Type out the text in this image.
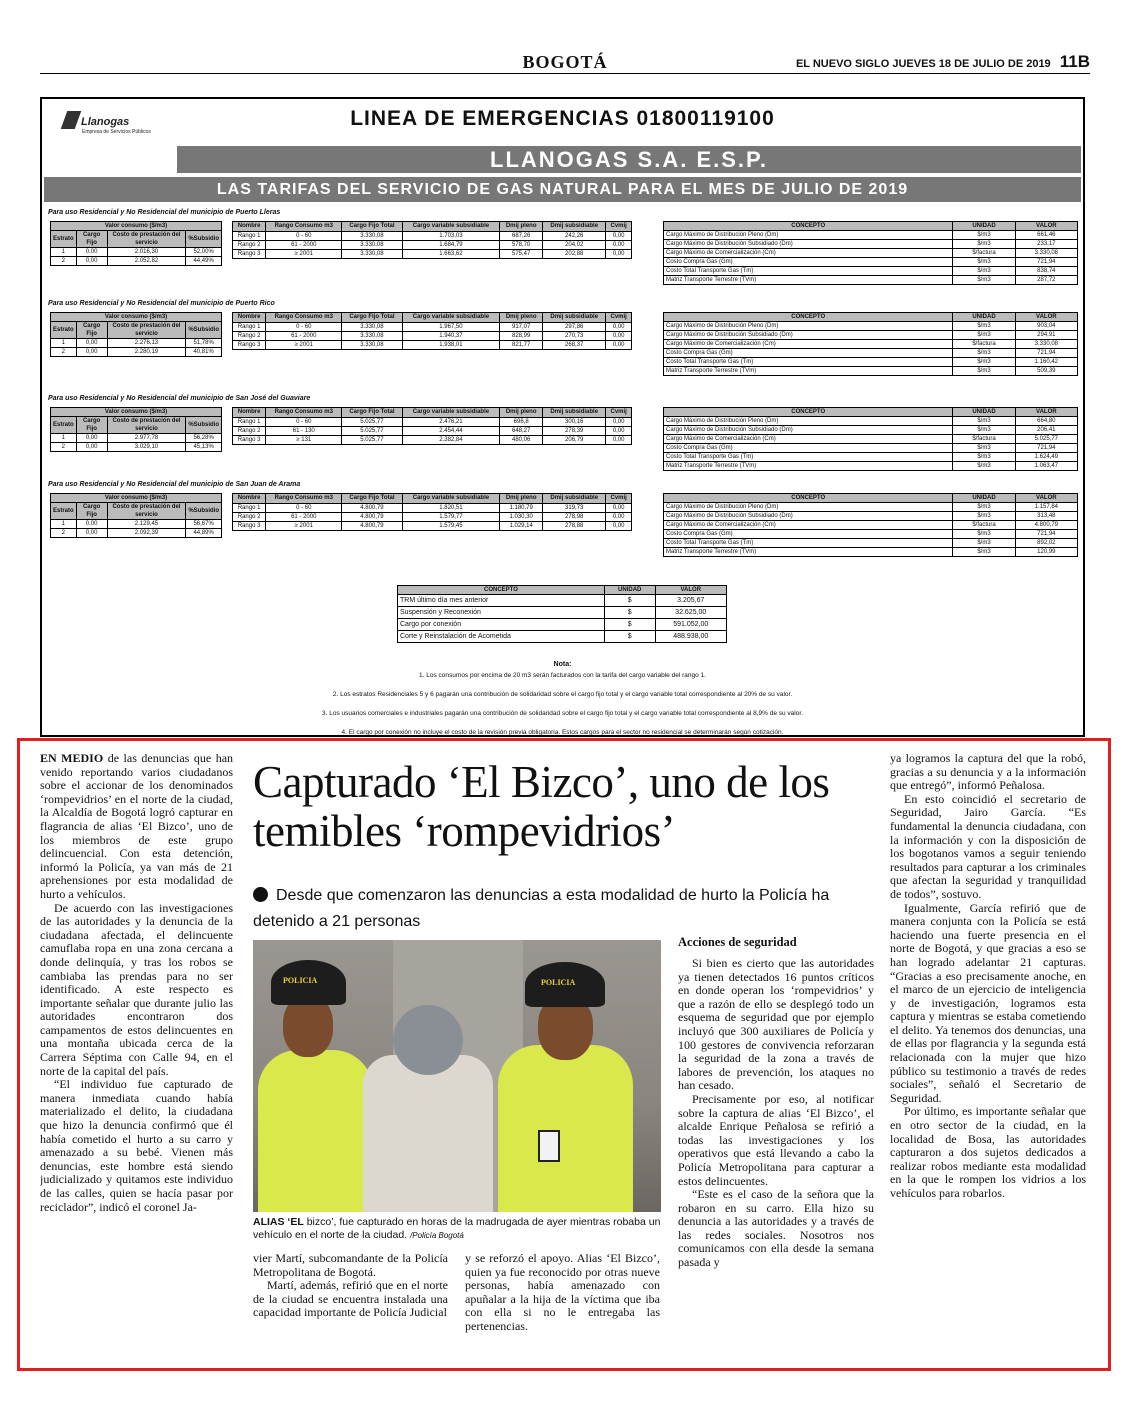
BOGOTÁ	EL NUEVO SIGLO JUEVES 18 DE JULIO DE 2019 11B
Llanogas
Empresa de Servicios Públicos
LINEA DE EMERGENCIAS 01800119100
LLANOGAS S.A. E.S.P.
LAS TARIFAS DEL SERVICIO DE GAS NATURAL PARA EL MES DE JULIO DE 2019
Para uso Residencial y No Residencial del municipio de Puerto Lleras
Valor consumo ($/m3)			
Estrato	Cargo Fijo	Costo de prestación del servicio	%Subsidio
1	0,00	2.016,30	52,00%
2	0,00	2.052,82	44,49%
Nombre	Rango Consumo m3	Cargo Fijo Total	Cargo variable subsidiable	Dmij pleno	Dmij subsidiable	Cvmij
Rango 1	0 - 60	3.330,08	1.703,03	687,26	242,26	0,00
Rango 2	61 - 2000	3.330,08	1.684,79	578,70	204,02	0,00
Rango 3	≥ 2001	3.330,08	1.663,62	575,47	202,88	0,00
CONCEPTO	UNIDAD	VALOR
Cargo Máximo de Distribución Pleno (Dm)	$/m3	661,46
Cargo Máximo de Distribución Subsidiado (Dm)	$/m3	233,17
Cargo Máximo de Comercialización (Cm)	$/factura	3.330,08
Costo Compra Gas (Gm)	$/m3	721,94
Costo Total Transporte Gas (Tm)	$/m3	838,74
Matriz Transporte Terrestre (TVm)	$/m3	287,72
Para uso Residencial y No Residencial del municipio de Puerto Rico
Valor consumo ($/m3)			
Estrato	Cargo Fijo	Costo de prestación del servicio	%Subsidio
1	0,00	2.276,13	51,78%
2	0,00	2.280,19	40,81%
Nombre	Rango Consumo m3	Cargo Fijo Total	Cargo variable subsidiable	Dmij pleno	Dmij subsidiable	Cvmij
Rango 1	0 - 60	3.330,08	1.967,50	917,07	297,86	0,00
Rango 2	61 - 2000	3.330,08	1.940,37	828,99	270,73	0,00
Rango 3	≥ 2001	3.330,08	1.938,01	821,77	268,37	0,00
CONCEPTO	UNIDAD	VALOR
Cargo Máximo de Distribución Pleno (Dm)	$/m3	903,04
Cargo Máximo de Distribución Subsidiado (Dm)	$/m3	294,91
Cargo Máximo de Comercialización (Cm)	$/factura	3.330,08
Costo Compra Gas (Gm)	$/m3	721,94
Costo Total Transporte Gas (Tm)	$/m3	1.160,42
Matriz Transporte Terrestre (TVm)	$/m3	509,39
Para uso Residencial y No Residencial del municipio de San José del Guaviare
Valor consumo ($/m3)			
Estrato	Cargo Fijo	Costo de prestación del servicio	%Subsidio
1	0,00	2.977,78	56,28%
2	0,00	3.029,10	45,13%
Nombre	Rango Consumo m3	Cargo Fijo Total	Cargo variable subsidiable	Dmij pleno	Dmij subsidiable	Cvmij
Rango 1	0 - 60	5.025,77	2.476,21	696,8	300,16	0,00
Rango 2	61 - 130	5.025,77	2.454,44	648,27	278,39	0,00
Rango 3	≥ 131	5.025,77	2.382,84	480,06	206,79	0,00
CONCEPTO	UNIDAD	VALOR
Cargo Máximo de Distribución Pleno (Dm)	$/m3	664,80
Cargo Máximo de Distribución Subsidiado (Dm)	$/m3	206,41
Cargo Máximo de Comercialización (Cm)	$/factura	5.025,77
Costo Compra Gas (Gm)	$/m3	721,94
Costo Total Transporte Gas (Tm)	$/m3	1.624,49
Matriz Transporte Terrestre (TVm)	$/m3	1.063,47
Para uso Residencial y No Residencial del municipio de San Juan de Arama
Valor consumo ($/m3)			
Estrato	Cargo Fijo	Costo de prestación del servicio	%Subsidio
1	0,00	2.129,45	56,67%
2	0,00	2.092,39	44,89%
Nombre	Rango Consumo m3	Cargo Fijo Total	Cargo variable subsidiable	Dmij pleno	Dmij subsidiable	Cvmij
Rango 1	0 - 60	4.800,79	1.820,51	1.180,79	319,73	0,00
Rango 2	61 - 2000	4.800,79	1.579,77	1.030,30	278,98	0,00
Rango 3	≥ 2001	4.800,79	1.579,45	1.029,14	278,88	0,00
CONCEPTO	UNIDAD	VALOR
Cargo Máximo de Distribución Pleno (Dm)	$/m3	1.157,84
Cargo Máximo de Distribución Subsidiado (Dm)	$/m3	313,48
Cargo Máximo de Comercialización (Cm)	$/factura	4.800,79
Costo Compra Gas (Gm)	$/m3	721,94
Costo Total Transporte Gas (Tm)	$/m3	892,02
Matriz Transporte Terrestre (TVm)	$/m3	120,99
CONCEPTO	UNIDAD	VALOR
TRM último día mes anterior	$	3.205,67
Suspensión y Reconexión	$	32.625,00
Cargo por conexión	$	591.052,00
Corte y Reinstalación de Acometida	$	488.938,00
Nota:

1. Los consumos por encima de 20 m3 serán facturados con la tarifa del cargo variable del rango 1.

2. Los estratos Residenciales 5 y 6 pagarán una contribución de solidaridad sobre el cargo fijo total y el cargo variable total correspondiente al 20% de su valor.

3. Los usuarios comerciales e industriales pagarán una contribución de solidaridad sobre el cargo fijo total y el cargo variable total correspondiente al 8,9% de su valor.

4. El cargo por conexión no incluye el costo de la revisión previa obligatoria. Estos cargos para el sector no residencial se determinarán según cotización.

EN MEDIO de las denuncias que han venido reportando varios ciudadanos sobre el accionar de los denominados ‘rompevidrios’ en el norte de la ciudad, la Alcaldía de Bogotá logró capturar en flagrancia de alias ‘El Bizco’, uno de los miembros de este grupo delincuencial. Con esta detención, informó la Policía, ya van más de 21 aprehensiones por esta modalidad de hurto a vehículos.

De acuerdo con las investigaciones de las autoridades y la denuncia de la ciudadana afectada, el delincuente camuflaba ropa en una zona cercana a donde delinquía, y tras los robos se cambiaba las prendas para no ser identificado. A este respecto es importante señalar que durante julio las autoridades encontraron dos campamentos de estos delincuentes en una montaña ubicada cerca de la Carrera Séptima con Calle 94, en el norte de la capital del país.

“El individuo fue capturado de manera inmediata cuando había materializado el delito, la ciudadana que hizo la denuncia confirmó que él había cometido el hurto a su carro y amenazado a su bebé. Vienen más denuncias, este hombre está siendo judicializado y quitamos este individuo de las calles, quien se hacía pasar por reciclador”, indicó el coronel Ja-

Capturado ‘El Bizco’, uno de los temibles ‘rompevidrios’
Desde que comenzaron las denuncias a esta modalidad de hurto la Policía ha detenido a 21 personas
POLICIA	POLICIA
ALIAS ‘EL bizco’, fue capturado en horas de la madrugada de ayer mientras robaba un vehículo en el norte de la ciudad. /Policía Bogotá

vier Martí, subcomandante de la Policía Metropolitana de Bogotá.

Martí, además, refirió que en el norte de la ciudad se encuentra instalada una capacidad importante de Policía Judicial

y se reforzó el apoyo. Alias ‘El Bizco’, quien ya fue reconocido por otras nueve personas, había amenazado con apuñalar a la hija de la víctima que iba con ella si no le entregaba las pertenencias.

Acciones de seguridad

Si bien es cierto que las autoridades ya tienen detectados 16 puntos críticos en donde operan los ‘rompevidrios’ y que a razón de ello se desplegó todo un esquema de seguridad que por ejemplo incluyó que 300 auxiliares de Policía y 100 gestores de convivencia reforzaran la seguridad de la zona a través de labores de prevención, los ataques no han cesado.

Precisamente por eso, al notificar sobre la captura de alias ‘El Bizco’, el alcalde Enrique Peñalosa se refirió a todas las investigaciones y los operativos que está llevando a cabo la Policía Metropolitana para capturar a estos delincuentes.

“Este es el caso de la señora que la robaron en su carro. Ella hizo su denuncia a las autoridades y a través de las redes sociales. Nosotros nos comunicamos con ella desde la semana pasada y

ya logramos la captura del que la robó, gracias a su denuncia y a la información que entregó”, informó Peñalosa.

En esto coincidió el secretario de Seguridad, Jairo García. “Es fundamental la denuncia ciudadana, con la información y con la disposición de los bogotanos vamos a seguir teniendo resultados para capturar a los criminales que afectan la seguridad y tranquilidad de todos”, sostuvo.

Igualmente, García refirió que de manera conjunta con la Policía se está haciendo una fuerte presencia en el norte de Bogotá, y que gracias a eso se han logrado adelantar 21 capturas. “Gracias a eso precisamente anoche, en el marco de un ejercicio de inteligencia y de investigación, logramos esta captura y mientras se estaba cometiendo el delito. Ya tenemos dos denuncias, una de ellas por flagrancia y la segunda está relacionada con la mujer que hizo público su testimonio a través de redes sociales”, señaló el Secretario de Seguridad.

Por último, es importante señalar que en otro sector de la ciudad, en la localidad de Bosa, las autoridades capturaron a dos sujetos dedicados a realizar robos mediante esta modalidad en la que le rompen los vidrios a los vehículos para robarlos.
